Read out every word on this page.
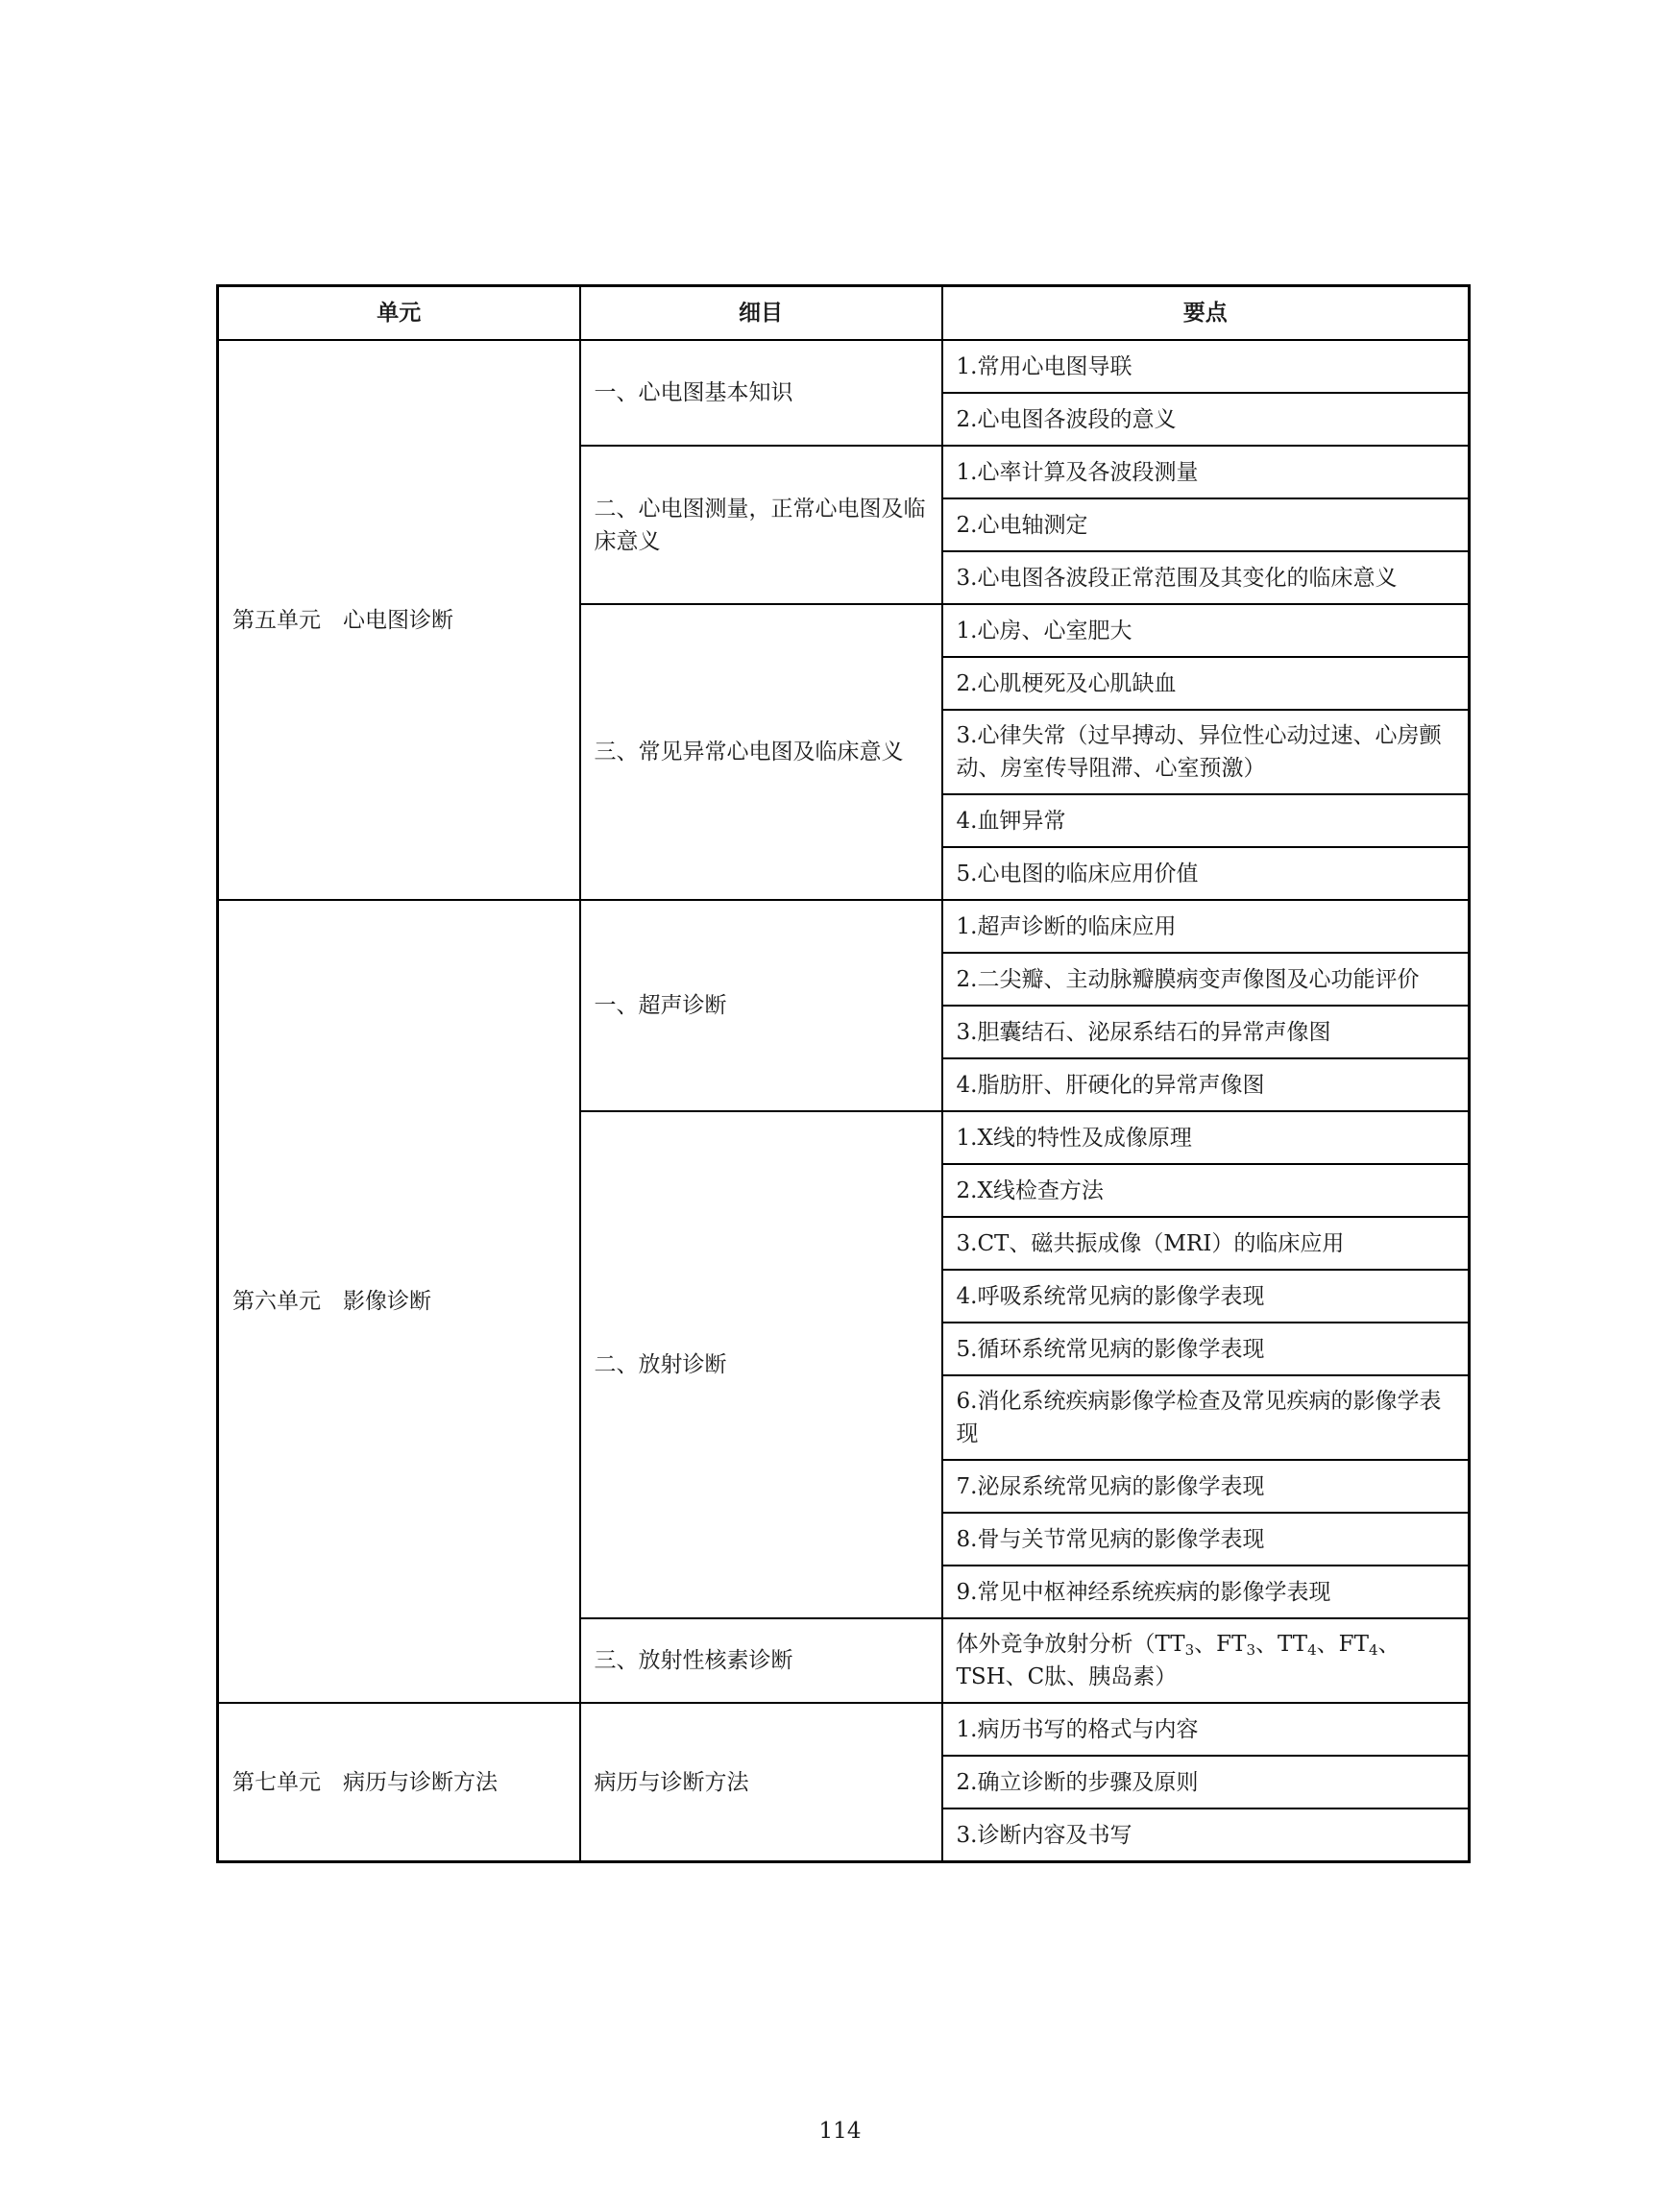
单元	细目	要点
第五单元　心电图诊断	一、心电图基本知识	1.常用心电图导联
		2.心电图各波段的意义
	二、心电图测量，正常心电图及临床意义	1.心率计算及各波段测量
		2.心电轴测定
		3.心电图各波段正常范围及其变化的临床意义
	三、常见异常心电图及临床意义	1.心房、心室肥大
		2.心肌梗死及心肌缺血
		3.心律失常（过早搏动、异位性心动过速、心房颤动、房室传导阻滞、心室预激）
		4.血钾异常
		5.心电图的临床应用价值
第六单元　影像诊断	一、超声诊断	1.超声诊断的临床应用
		2.二尖瓣、主动脉瓣膜病变声像图及心功能评价
		3.胆囊结石、泌尿系结石的异常声像图
		4.脂肪肝、肝硬化的异常声像图
	二、放射诊断	1.X线的特性及成像原理
		2.X线检查方法
		3.CT、磁共振成像（MRI）的临床应用
		4.呼吸系统常见病的影像学表现
		5.循环系统常见病的影像学表现
		6.消化系统疾病影像学检查及常见疾病的影像学表现
		7.泌尿系统常见病的影像学表现
		8.骨与关节常见病的影像学表现
		9.常见中枢神经系统疾病的影像学表现
	三、放射性核素诊断	体外竞争放射分析（$TT_3$、$FT_3$、$TT_4$、$FT_4$、TSH、C肽、胰岛素）
第七单元　病历与诊断方法	病历与诊断方法	1.病历书写的格式与内容
		2.确立诊断的步骤及原则
		3.诊断内容及书写
114
